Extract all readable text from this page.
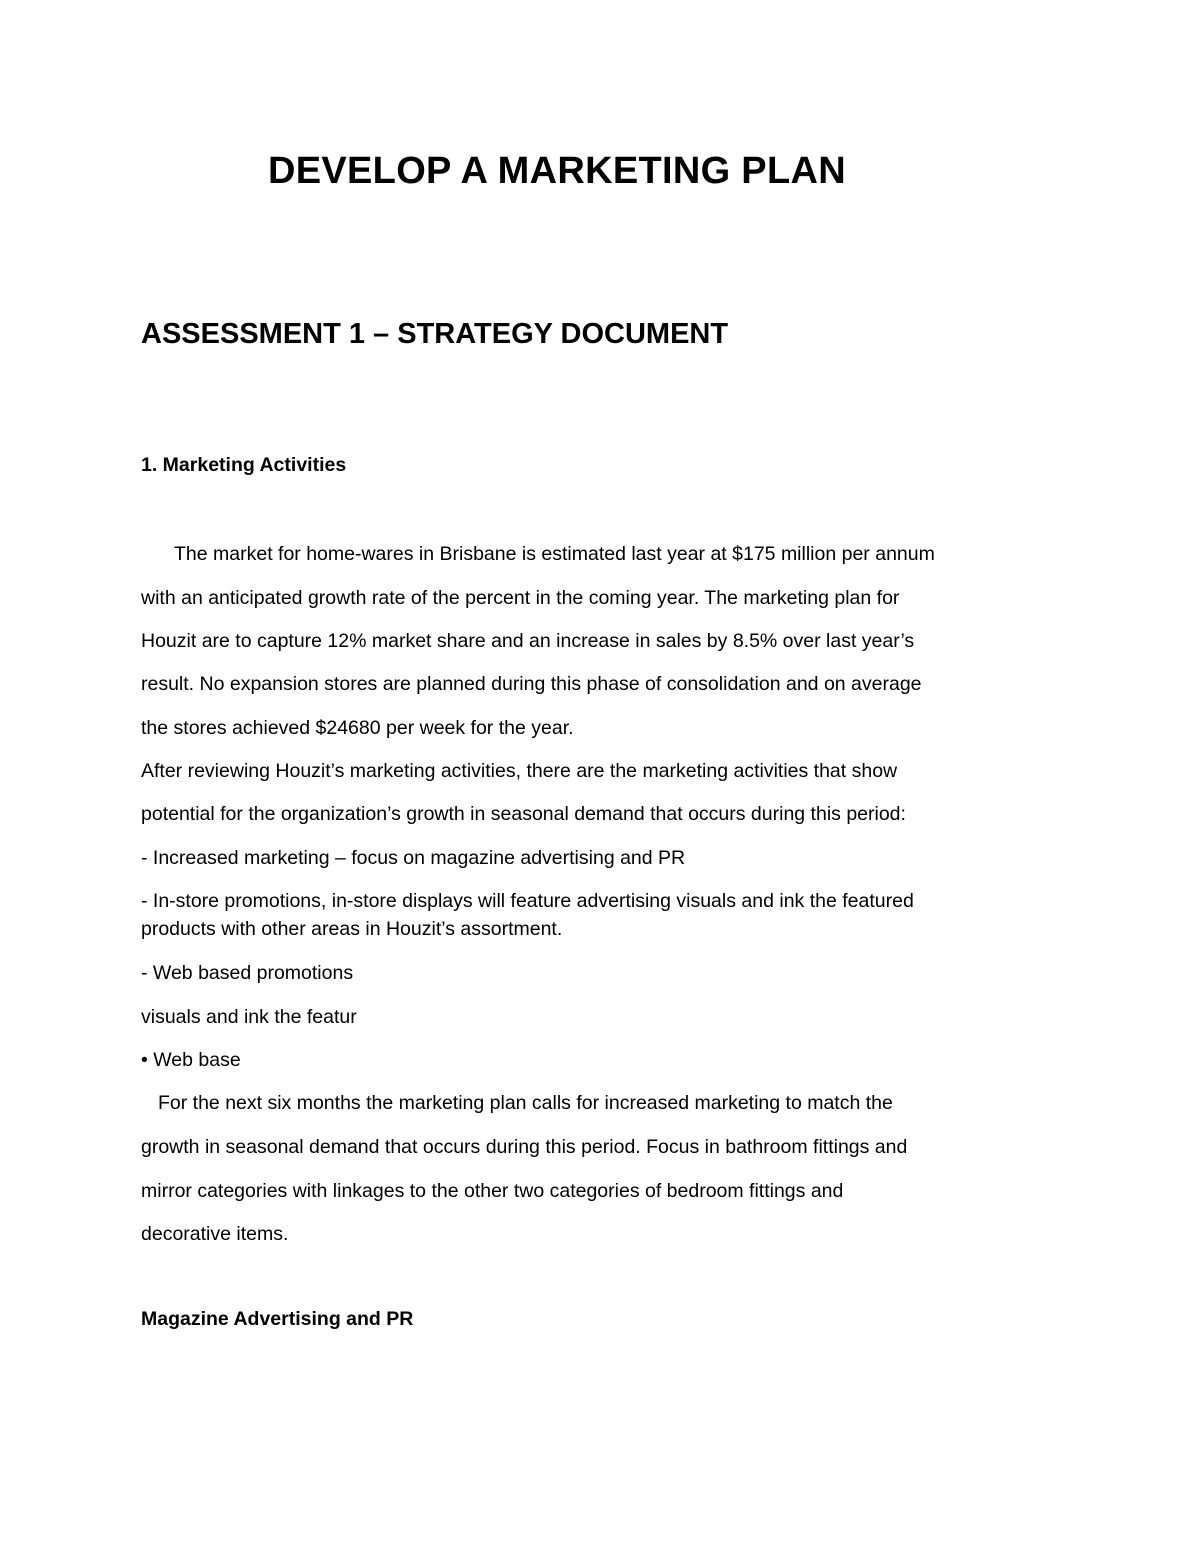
DEVELOP A MARKETING PLAN
ASSESSMENT 1 – STRATEGY DOCUMENT
1. Marketing Activities
The market for home-wares in Brisbane is estimated last year at $175 million per annum
with an anticipated growth rate of the percent in the coming year. The marketing plan for
Houzit are to capture 12% market share and an increase in sales by 8.5% over last year’s
result. No expansion stores are planned during this phase of consolidation and on average
the stores achieved $24680 per week for the year.
After reviewing Houzit’s marketing activities, there are the marketing activities that show
potential for the organization’s growth in seasonal demand that occurs during this period:
- Increased marketing – focus on magazine advertising and PR
- In-store promotions, in-store displays will feature advertising visuals and ink the featured
products with other areas in Houzit’s assortment.
- Web based promotions
visuals and ink the featur
• Web base
For the next six months the marketing plan calls for increased marketing to match the
growth in seasonal demand that occurs during this period. Focus in bathroom fittings and
mirror categories with linkages to the other two categories of bedroom fittings and
decorative items.
Magazine Advertising and PR
